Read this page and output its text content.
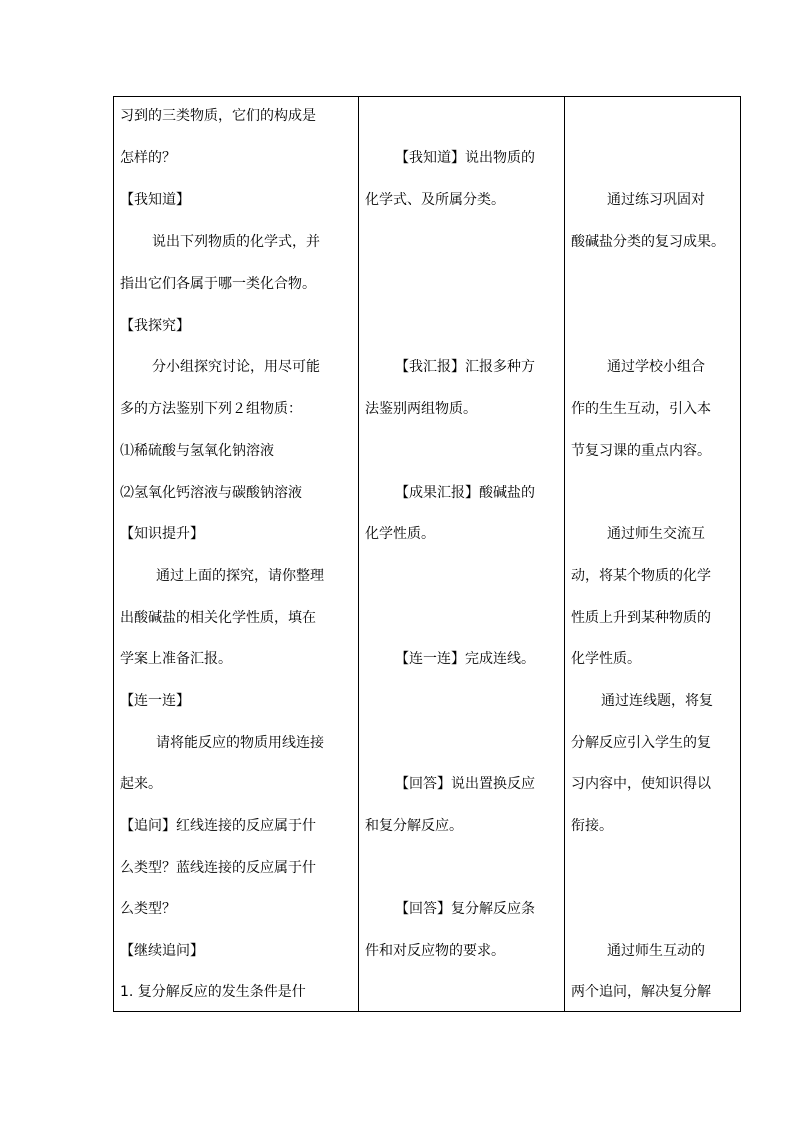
习到的三类物质，它们的构成是
怎样的？
【我知道】
说出下列物质的化学式，并
指出它们各属于哪一类化合物。
【我探究】
分小组探究讨论，用尽可能
多的方法鉴别下列２组物质：
⑴稀硫酸与氢氧化钠溶液
⑵氢氧化钙溶液与碳酸钠溶液
【知识提升】
通过上面的探究，请你整理
出酸碱盐的相关化学性质，填在
学案上准备汇报。
【连一连】
请将能反应的物质用线连接
起来。
【追问】红线连接的反应属于什
么类型？蓝线连接的反应属于什
么类型？
【继续追问】
1. 复分解反应的发生条件是什
【我知道】说出物质的
化学式、及所属分类。
【我汇报】汇报多种方
法鉴别两组物质。
【成果汇报】酸碱盐的
化学性质。
【连一连】完成连线。
【回答】说出置换反应
和复分解反应。
【回答】复分解反应条
件和对反应物的要求。
通过练习巩固对
酸碱盐分类的复习成果。
通过学校小组合
作的生生互动，引入本
节复习课的重点内容。
通过师生交流互
动，将某个物质的化学
性质上升到某种物质的
化学性质。
通过连线题，将复
分解反应引入学生的复
习内容中，使知识得以
衔接。
通过师生互动的
两个追问，解决复分解
